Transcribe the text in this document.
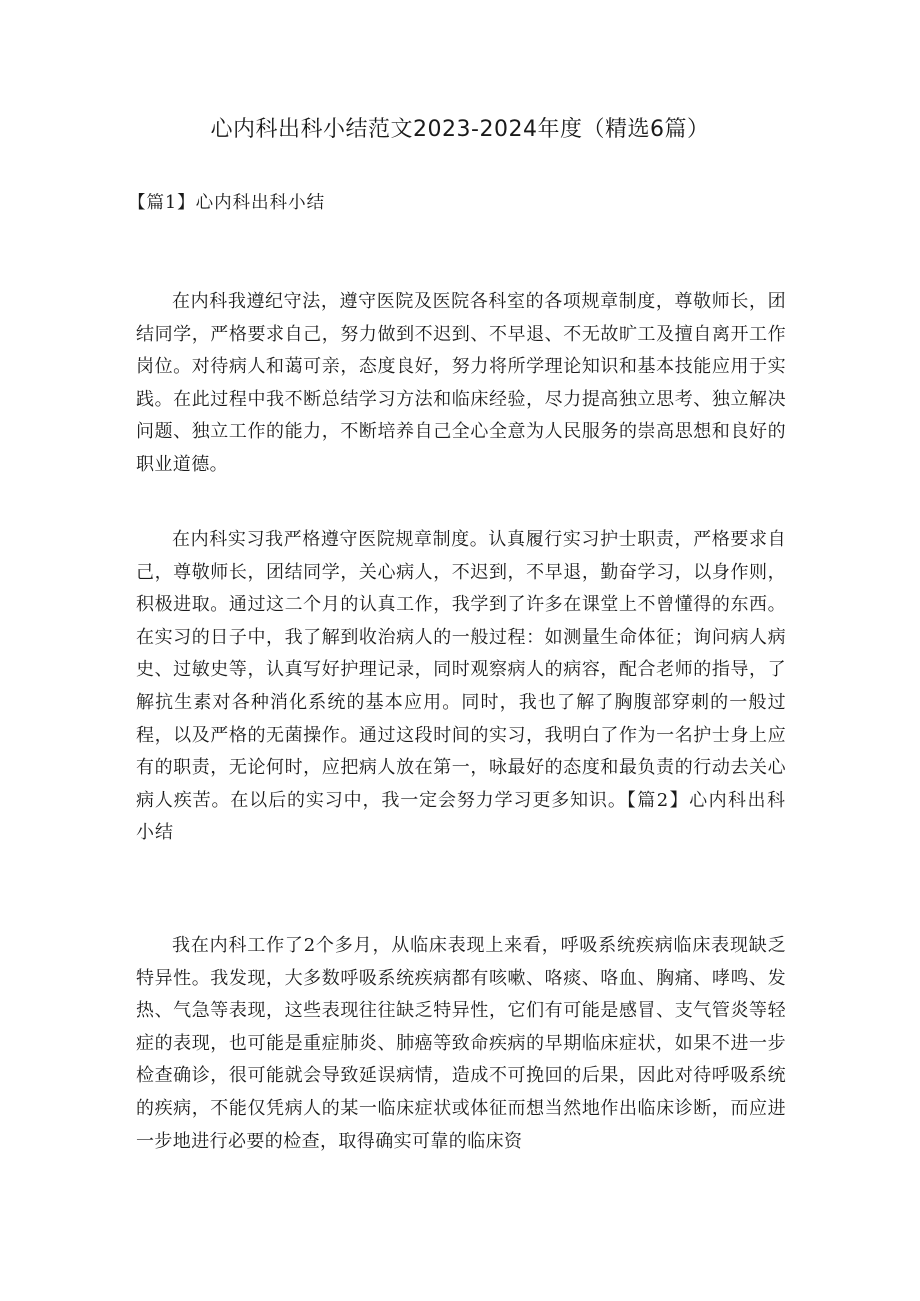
心内科出科小结范文2023-2024年度（精选6篇）
【篇1】心内科出科小结

在内科我遵纪守法，遵守医院及医院各科室的各项规章制度，尊敬师长，团结同学，严格要求自己，努力做到不迟到、不早退、不无故旷工及擅自离开工作岗位。对待病人和蔼可亲，态度良好，努力将所学理论知识和基本技能应用于实践。在此过程中我不断总结学习方法和临床经验，尽力提高独立思考、独立解决问题、独立工作的能力，不断培养自己全心全意为人民服务的崇高思想和良好的职业道德。

在内科实习我严格遵守医院规章制度。认真履行实习护士职责，严格要求自己，尊敬师长，团结同学，关心病人，不迟到，不早退，勤奋学习，以身作则，积极进取。通过这二个月的认真工作，我学到了许多在课堂上不曾懂得的东西。在实习的日子中，我了解到收治病人的一般过程：如测量生命体征；询问病人病史、过敏史等，认真写好护理记录，同时观察病人的病容，配合老师的指导，了解抗生素对各种消化系统的基本应用。同时，我也了解了胸腹部穿刺的一般过程，以及严格的无菌操作。通过这段时间的实习，我明白了作为一名护士身上应有的职责，无论何时，应把病人放在第一，咏最好的态度和最负责的行动去关心病人疾苦。在以后的实习中，我一定会努力学习更多知识。【篇2】心内科出科小结

我在内科工作了2个多月，从临床表现上来看，呼吸系统疾病临床表现缺乏特异性。我发现，大多数呼吸系统疾病都有咳嗽、咯痰、咯血、胸痛、哮鸣、发热、气急等表现，这些表现往往缺乏特异性，它们有可能是感冒、支气管炎等轻症的表现，也可能是重症肺炎、肺癌等致命疾病的早期临床症状，如果不进一步检查确诊，很可能就会导致延误病情，造成不可挽回的后果，因此对待呼吸系统的疾病，不能仅凭病人的某一临床症状或体征而想当然地作出临床诊断，而应进一步地进行必要的检查，取得确实可靠的临床资
